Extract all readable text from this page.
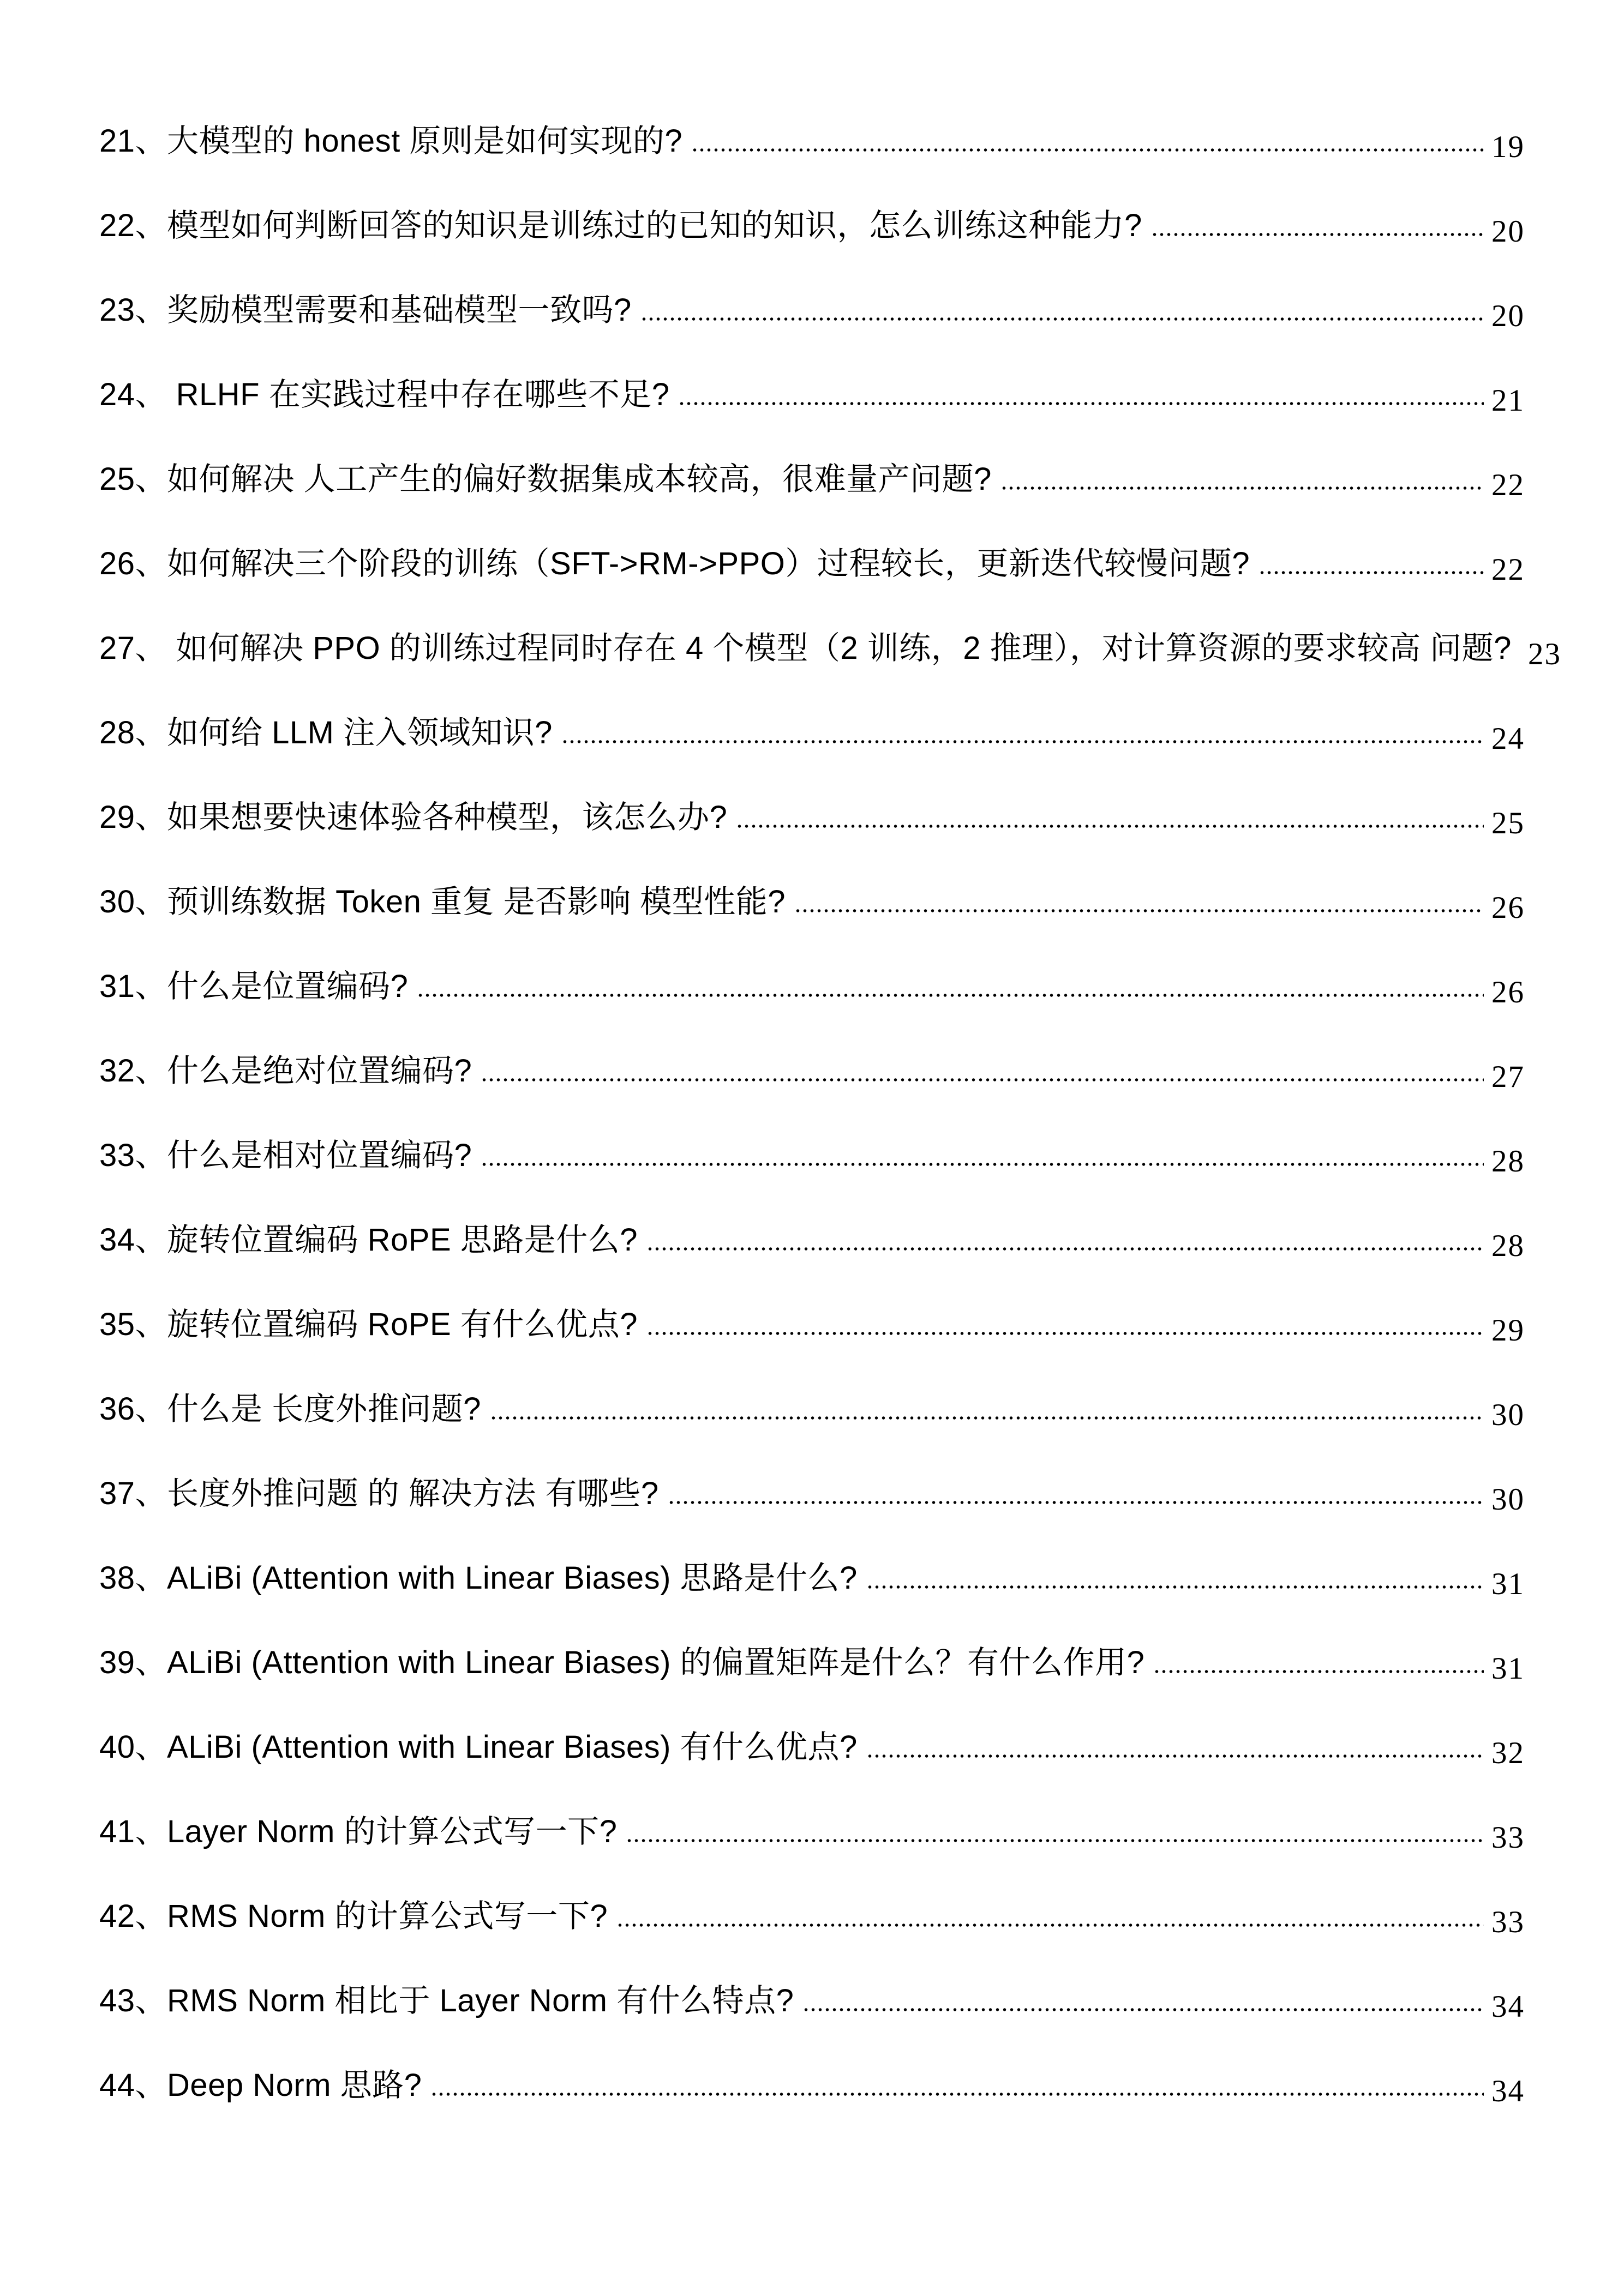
21、大模型的 honest 原则是如何实现的?	19
22、模型如何判断回答的知识是训练过的已知的知识，怎么训练这种能力?	20
23、奖励模型需要和基础模型一致吗?	20
24、 RLHF 在实践过程中存在哪些不足?	21
25、如何解决 人工产生的偏好数据集成本较高，很难量产问题?	22
26、如何解决三个阶段的训练（SFT->RM->PPO）过程较长，更新迭代较慢问题?	22
27、 如何解决 PPO 的训练过程同时存在 4 个模型（2 训练，2 推理），对计算资源的要求较高 问题? 23
28、如何给 LLM 注入领域知识?	24
29、如果想要快速体验各种模型，该怎么办?	25
30、预训练数据 Token 重复 是否影响 模型性能?	26
31、什么是位置编码?	26
32、什么是绝对位置编码?	27
33、什么是相对位置编码?	28
34、旋转位置编码 RoPE 思路是什么?	28
35、旋转位置编码 RoPE 有什么优点?	29
36、什么是 长度外推问题?	30
37、长度外推问题 的 解决方法 有哪些?	30
38、ALiBi (Attention with Linear Biases) 思路是什么?	31
39、ALiBi (Attention with Linear Biases) 的偏置矩阵是什么？有什么作用?	31
40、ALiBi (Attention with Linear Biases) 有什么优点?	32
41、Layer Norm 的计算公式写一下?	33
42、RMS Norm 的计算公式写一下?	33
43、RMS Norm 相比于 Layer Norm 有什么特点?	34
44、Deep Norm 思路?	34
